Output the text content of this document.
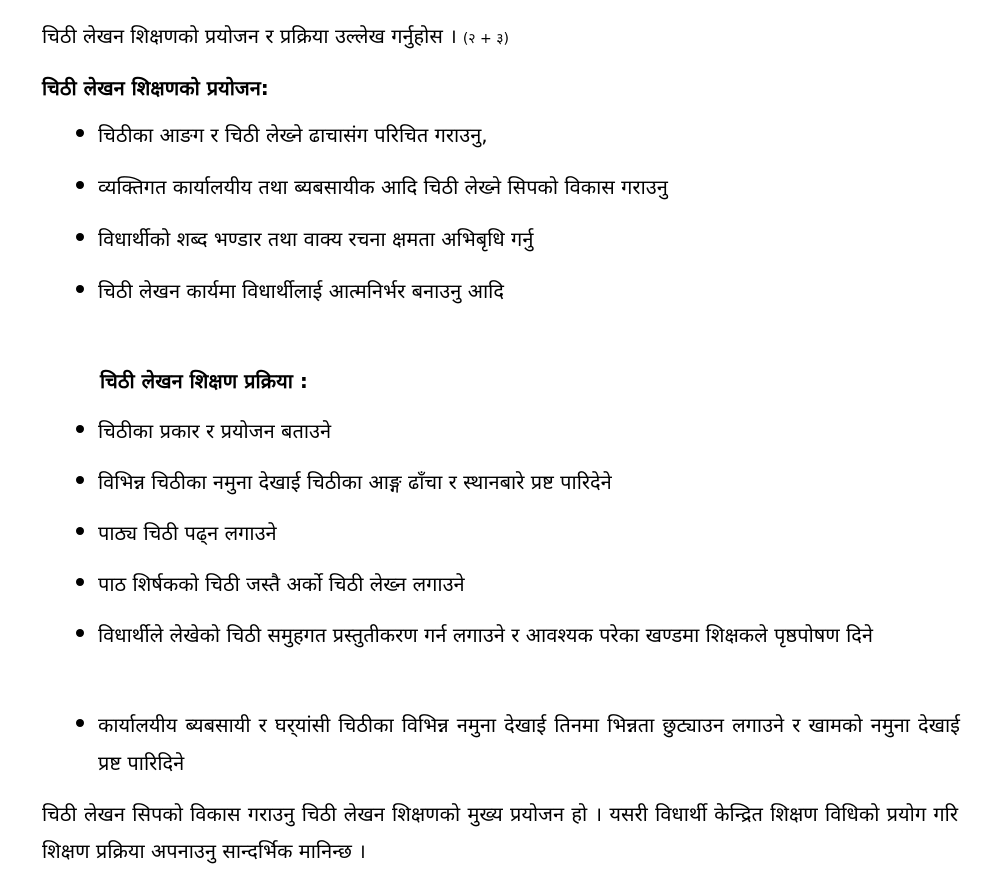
चिठी लेखन शिक्षणको प्रयोजन र प्रक्रिया उल्लेख गर्नुहोस । (२ + ३)
चिठी लेखन शिक्षणको प्रयोजन:
चिठीका आङग र चिठी लेख्ने ढाचासंग परिचित गराउनु,
व्यक्तिगत कार्यालयीय तथा ब्यबसायीक आदि चिठी लेख्ने सिपको विकास गराउनु
विधार्थीको शब्द भण्डार तथा वाक्य रचना क्षमता अभिबृधि गर्नु
चिठी लेखन कार्यमा विधार्थीलाई आत्मनिर्भर बनाउनु आदि
चिठी लेखन शिक्षण प्रक्रिया :
चिठीका प्रकार र प्रयोजन बताउने
विभिन्न चिठीका नमुना देखाई चिठीका आङ्ग ढाँचा र स्थानबारे प्रष्ट पारिदेने
पाठ्य चिठी पढ्न लगाउने
पाठ शिर्षकको चिठी जस्तै अर्को चिठी लेख्न लगाउने
विधार्थीले लेखेको चिठी समुहगत प्रस्तुतीकरण गर्न लगाउने र आवश्यक परेका खण्डमा शिक्षकले पृष्ठपोषण दिने
कार्यालयीय ब्यबसायी र घर्‌यांसी चिठीका विभिन्न नमुना देखाई तिनमा भिन्नता छुट्याउन लगाउने र खामको नमुना देखाई प्रष्ट पारिदिने
चिठी लेखन सिपको विकास गराउनु चिठी लेखन शिक्षणको मुख्य प्रयोजन हो । यसरी विधार्थी केन्द्रित शिक्षण विधिको प्रयोग गरि शिक्षण प्रक्रिया अपनाउनु सान्दर्भिक मानिन्छ ।
